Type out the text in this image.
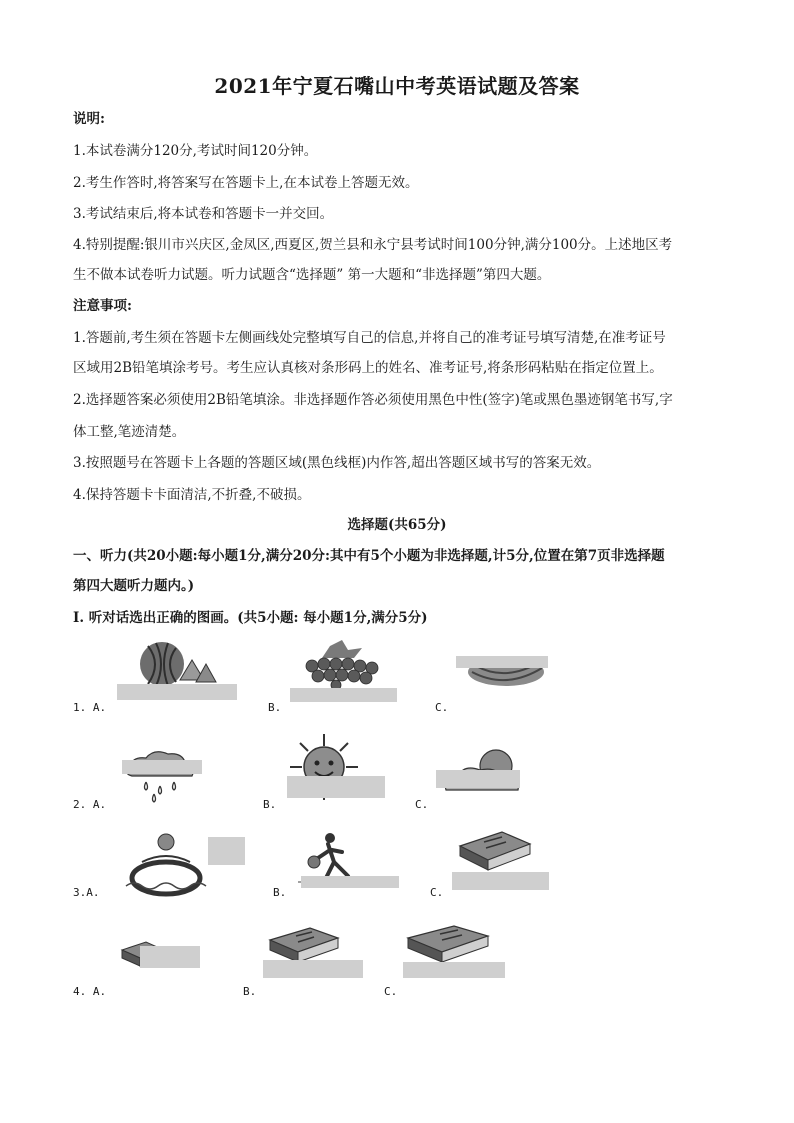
2021年宁夏石嘴山中考英语试题及答案
说明:
1.本试卷满分120分,考试时间120分钟。
2.考生作答时,将答案写在答题卡上,在本试卷上答题无效。
3.考试结束后,将本试卷和答题卡一并交回。
4.特别提醒:银川市兴庆区,金凤区,西夏区,贺兰县和永宁县考试时间100分钟,满分100分。上述地区考
生不做本试卷听力试题。听力试题含“选择题” 第一大题和“非选择题”第四大题。
注意事项:
1.答题前,考生须在答题卡左侧画线处完整填写自己的信息,并将自己的准考证号填写清楚,在准考证号
区域用2B铅笔填涂考号。考生应认真核对条形码上的姓名、准考证号,将条形码粘贴在指定位置上。
2.选择题答案必须使用2B铅笔填涂。非选择题作答必须使用黑色中性(签字)笔或黑色墨迹钢笔书写,字
体工整,笔迹清楚。
3.按照题号在答题卡上各题的答题区域(黑色线框)内作答,超出答题区域书写的答案无效。
4.保持答题卡卡面清洁,不折叠,不破损。
选择题(共65分)
一、听力(共20小题:每小题1分,满分20分:其中有5个小题为非选择题,计5分,位置在第7页非选择题
第四大题听力题内。)
I. 听对话选出正确的图画。(共5小题: 每小题1分,满分5分)
1. A.	B.	C.
2. A.	B.	C.
3.A.	B.	C.
4. A.	B.	C.
